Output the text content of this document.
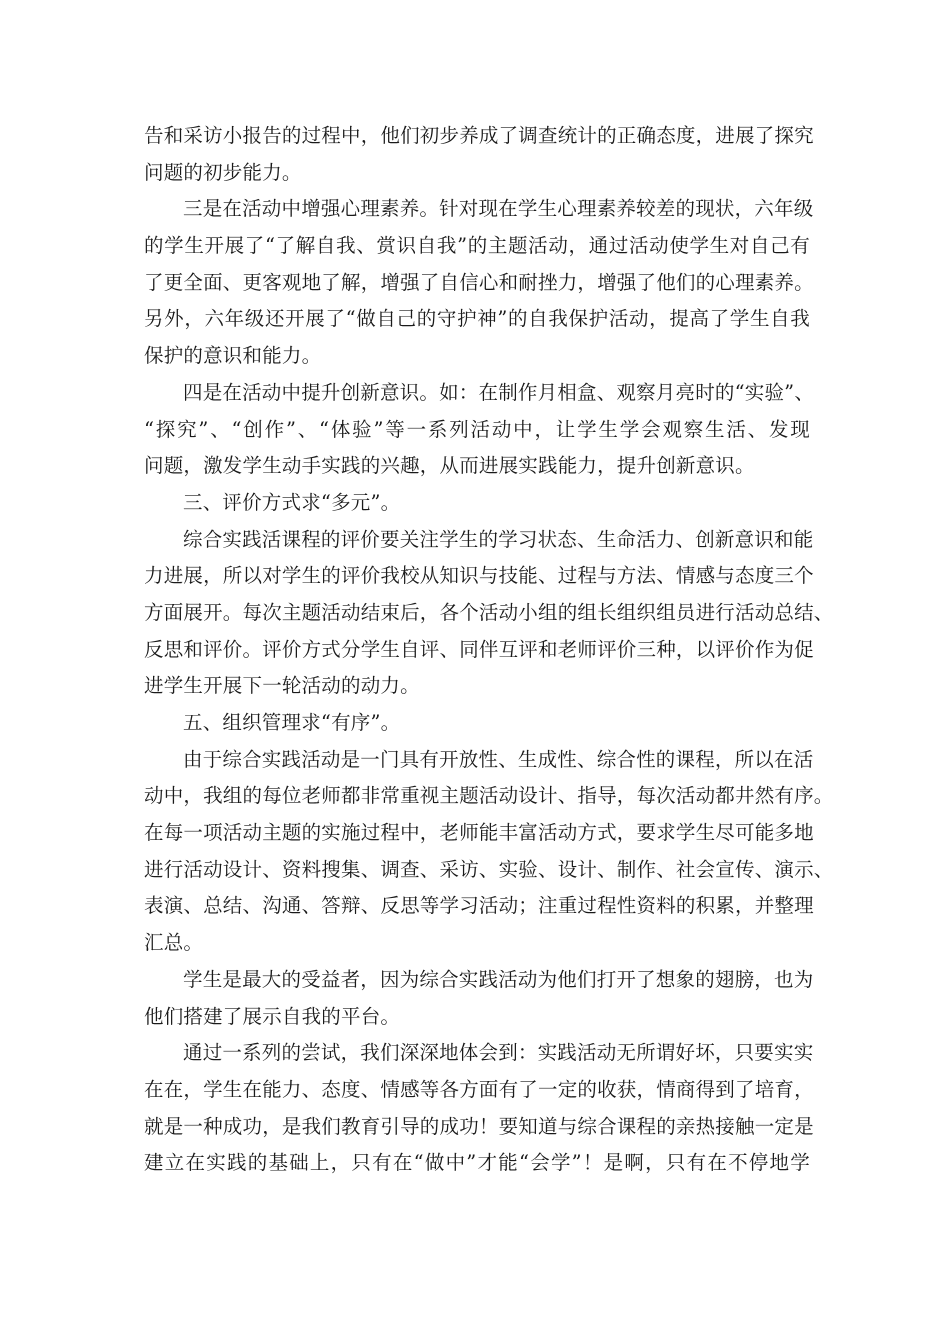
告和采访小报告的过程中，他们初步养成了调查统计的正确态度，进展了探究
问题的初步能力。
三是在活动中增强心理素养。针对现在学生心理素养较差的现状，六年级
的学生开展了“了解自我、赏识自我”的主题活动，通过活动使学生对自己有
了更全面、更客观地了解，增强了自信心和耐挫力，增强了他们的心理素养。
另外，六年级还开展了“做自己的守护神”的自我保护活动，提高了学生自我
保护的意识和能力。
四是在活动中提升创新意识。如：在制作月相盒、观察月亮时的“实验”、
“探究”、“创作”、“体验”等一系列活动中，让学生学会观察生活、发现
问题，激发学生动手实践的兴趣，从而进展实践能力，提升创新意识。
三、评价方式求“多元”。
综合实践活课程的评价要关注学生的学习状态、生命活力、创新意识和能
力进展，所以对学生的评价我校从知识与技能、过程与方法、情感与态度三个
方面展开。每次主题活动结束后，各个活动小组的组长组织组员进行活动总结、
反思和评价。评价方式分学生自评、同伴互评和老师评价三种，以评价作为促
进学生开展下一轮活动的动力。
五、组织管理求“有序”。
由于综合实践活动是一门具有开放性、生成性、综合性的课程，所以在活
动中，我组的每位老师都非常重视主题活动设计、指导，每次活动都井然有序。
在每一项活动主题的实施过程中，老师能丰富活动方式，要求学生尽可能多地
进行活动设计、资料搜集、调查、采访、实验、设计、制作、社会宣传、演示、
表演、总结、沟通、答辩、反思等学习活动；注重过程性资料的积累，并整理
汇总。
学生是最大的受益者，因为综合实践活动为他们打开了想象的翅膀，也为
他们搭建了展示自我的平台。
通过一系列的尝试，我们深深地体会到：实践活动无所谓好坏，只要实实
在在，学生在能力、态度、情感等各方面有了一定的收获，情商得到了培育，
就是一种成功，是我们教育引导的成功！要知道与综合课程的亲热接触一定是
建立在实践的基础上，只有在“做中”才能“会学”！是啊，只有在不停地学
